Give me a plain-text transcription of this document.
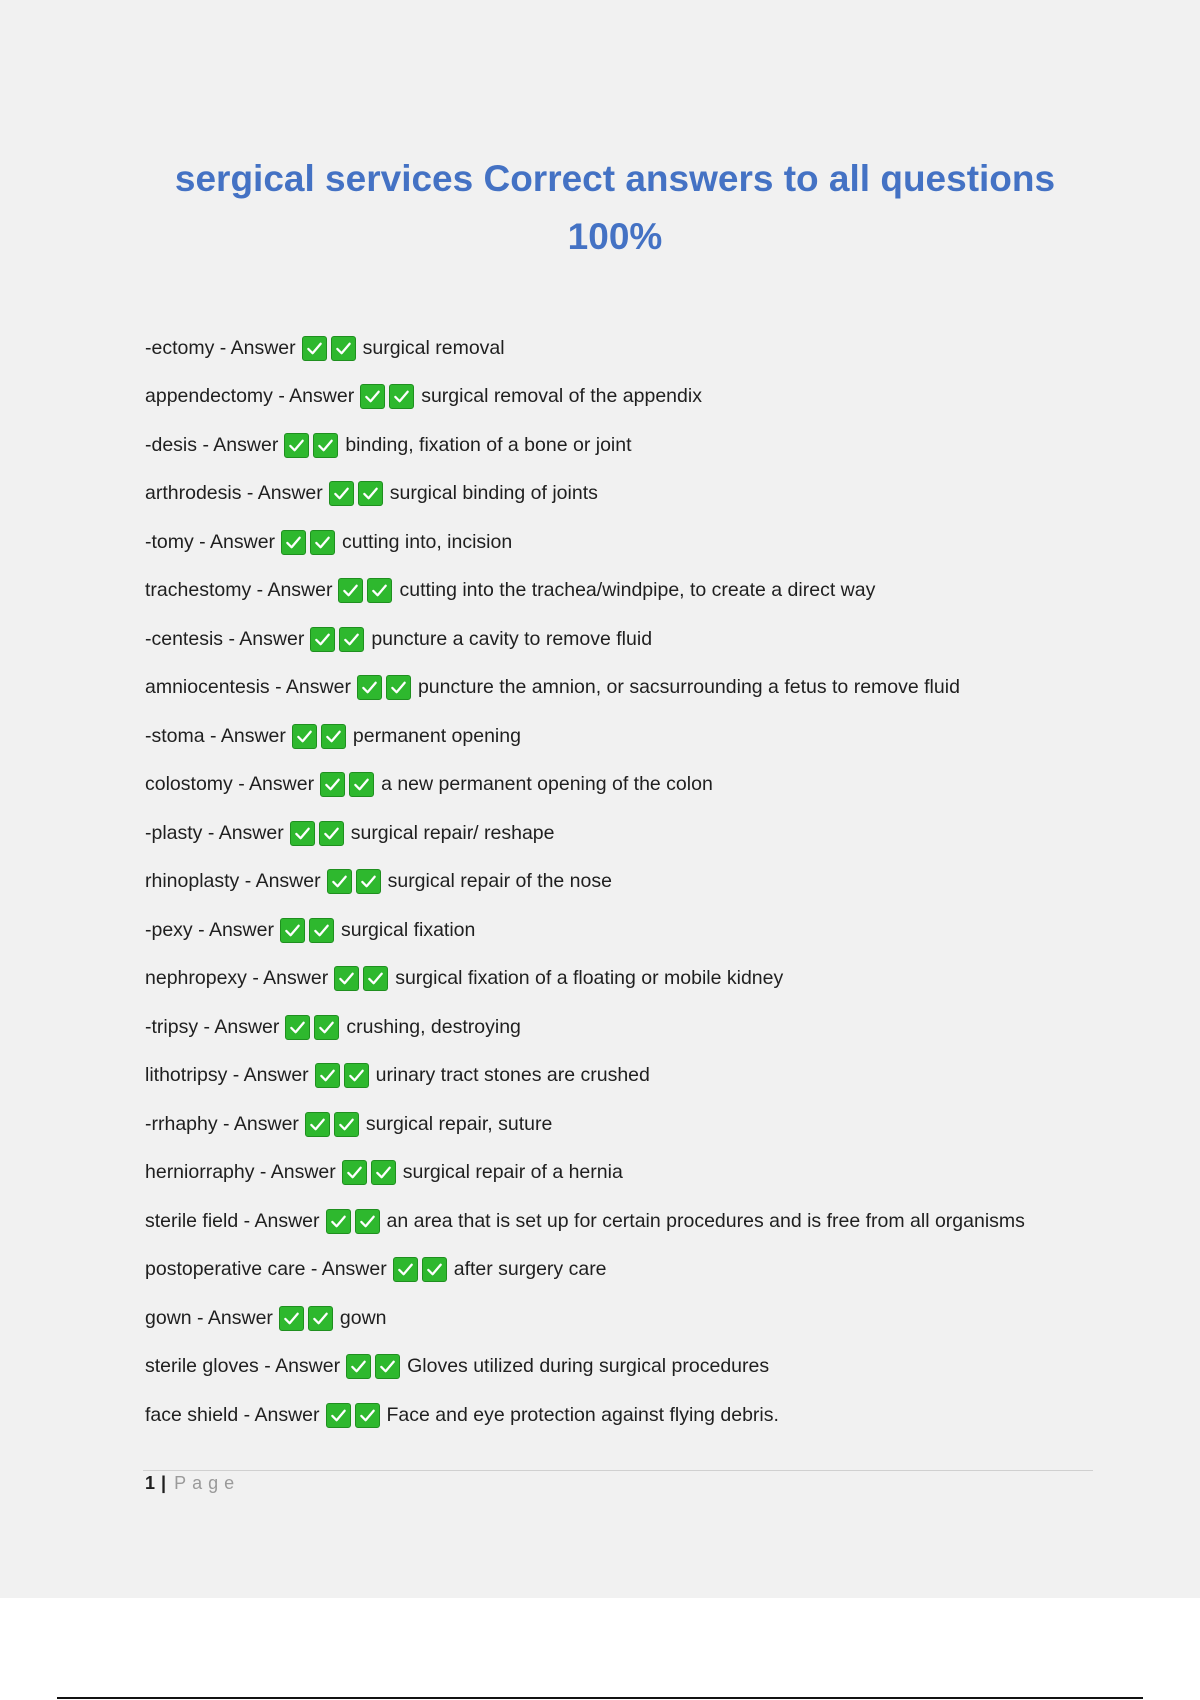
sergical services Correct answers to all questions 100%
-ectomy
- Answer	surgical removal
appendectomy
- Answer	surgical removal of the appendix
-desis
- Answer	binding, fixation of a bone or joint
arthrodesis
- Answer	surgical binding of joints
-tomy
- Answer	cutting into, incision
trachestomy
- Answer	cutting into the trachea/windpipe, to create a direct way
-centesis
- Answer	puncture a cavity to remove fluid
amniocentesis
- Answer	puncture the amnion, or sacsurrounding a fetus to remove fluid
-stoma
- Answer	permanent opening
colostomy
- Answer	a new permanent opening of the colon
-plasty
- Answer	surgical repair/ reshape
rhinoplasty
- Answer	surgical repair of the nose
-pexy
- Answer	surgical fixation
nephropexy
- Answer	surgical fixation of a floating or mobile kidney
-tripsy
- Answer	crushing, destroying
lithotripsy
- Answer	urinary tract stones are crushed
-rrhaphy
- Answer	surgical repair, suture
herniorraphy
- Answer	surgical repair of a hernia
sterile field
- Answer	an area that is set up for certain procedures and is free from all organisms
postoperative care
- Answer	after surgery care
gown
- Answer	gown
sterile gloves
- Answer	Gloves utilized during surgical procedures
face shield
- Answer	Face and eye protection against flying debris.
1 | Page
